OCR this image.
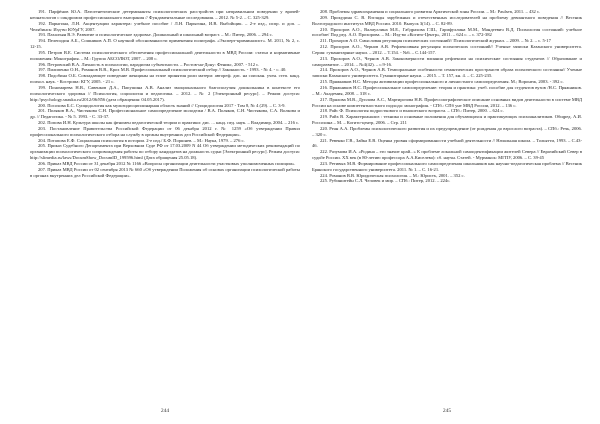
191. Парфёнов Ю.А. Патогенетические детерминанты психологических расстройств при неправильном поведении у врачей-неонатологов с синдромом профессионального выгорания // Фундаментальные исследования. – 2012. № 5-2. – С. 325-329.
192. Парыгина, Л.Н. Акцентуации характера: учебное пособие / Л.Н. Парыгина, И.В. Выбойщик. – 2-е изд., испр. и доп. – Челябинск: Изд-во ЮУрГУ, 2007.
193. Пахалъян В.Э. Развитие и психологическое здоровье. Дошкольный и школьный возраст. – М.: Питер, 2006. – 294 с.
194. Пелеподин А.Б., Сошников А.П. О научной обоснованности применения полиграфа. «Эксперт-криминалист». М. 2011, № 2, с. 12-15.
195. Петров В.Е. Система психологического обеспечения профессиональной деятельности в МВД России: статьи и нормативные положения: Монография. – М.: Группа АБСОЛЮТ, 2007. – 208 с.
196. Петровский В.А. Личность в психологии, парадигма субъектности. – Ростов-на-Дону: Феникс, 2007. - 512 с.
197. Пилипенко О.Н., Романов В.В., Крох М.В. Профессиональный психологический отбор // Законность. - 1993. - № 4. - с. 40.
198. Подобина О.Б. Совладающее поведение женщины на этапе принятия роли матери: автореф. дис. на соискан. учен. степ. канд. психол. наук. - Кострома: КГУ, 2005. - 21 с.
199. Пономарева Н.В., Савенков Д.А., Папушина А.В. Анализ эмоционального благополучия дошкольника в контексте его психологического здоровья // Психология, социология и педагогика. – 2012. – № 2 [Электронный ресурс]. – Режим доступа: http://psychology.snauka.ru/2012/06/856 (дата обращения: 04.05.2017).
200. Посохова Б.С. Суицидология как мультидисциплинарная область знаний // Суицидология 2017 - Том 8, № 4 (29). – С. 3-9.
201. Поляков В.А., Чистякова С.Н. Профессиональное самоопределение молодежи / В.А. Поляков, С.Н. Чистякова, С.А. Волкова и др. // Педагогика. - № 5. 1993. - С. 33-37.
202. Попова И.Н. Культура школы как феномен педагогической теории и практики: дис. ... канд. пед. наук. – Владимир, 2004. – 216 с.
203. Постановление Правительства Российской Федерации от 06 декабря 2012 г. № 1259 «Об утверждении Правил профессионального психологического отбора на службу в органы внутренних дел Российской Федерации».
204. Потапова Е.Ф. Социальная психология в истории. 2-е изд./ Б.Ф. Поршнев. – М.: Наука, 1979. – 276 с.
205. Приказ Судебного Департамента при Верховном Суде РФ от 17.03.2009 N 44 Об утверждении методических рекомендаций по организации психологического сопровождения работы по отбору кандидатов на должность судьи [Электронный ресурс]. Режим доступа: http://slimedia.ru/laws/DocumShow_DocumID_199596.html (Дата обращения 25.05.18).
206. Приказ МВД России от 31 декабря 2012 № 1166 «Вопросы организации деятельности участковых уполномоченных полиции».
207. Приказ МВД России от 02 сентября 2013 № 660 «Об утверждении Положения об основах организации психологической работы в органах внутренних дел Российской Федерации».
244
208. Проблемы здравоохранения и социального развития Арктической зоны России. – М.: Paulsen, 2011. – 432 с.
209. Прокудина С. В. Взгляды зарубежных и отечественных исследователей на проблему девиантного поведения // Вестник Волгоградского института МВД России. 2010. Выпуск 3(14). – С. 82-89.
210. Прохоров А.О., Валиуллина М.Е., Габдрахова Г.Ш., Гарифуллина М.М., Мандеевич В.Д. Психология состояний: учебное пособие/ Под ред. А.О. Прохорова. – М.: Изд-во «Когито-Центр», 2011. – 624 с. – с. 372-382
211. Прохоров А.О. Смысловая регуляция психических состояний// Психологический журнал. – 2009. – № 2. – с. 5-17
212. Прохоров А.О., Чернов А.В. Рефлексивная регуляция психических состояний// Ученые записки Казанского университета. Серия: гуманитарные науки. – 2012. – Т.154. - №6. – С.144-157.
213. Прохоров А.О., Чернов А.В. Закономерности влияния рефлексии на психические состояния студентов // Образование и саморазвитие. – 2014. – №4(42). – с.9-16.
214. Прохоров А.О., Чернов А.В. Темпоральные особенности семантических пространств образа психического состояния// Ученые записки Казанского университета. Гуманитарные науки. – 2015. – Т. 157, кн. 4. – С. 225-235.
215. Пряжников Н.С. Методы активизации профессионального и личностного самоопределения. М.; Воронеж, 2003. - 392 с.
216. Пряжников Н.С. Профессиональное самоопределение: теория и практика: учеб. пособие для студентов вузов /Н.С. Пряжников. – М.: Академия, 2008. – 318 с.
217. Прялова М.В., Дуплова А.С., Мартирозова Н.В. Профессиографическое описание основных видов деятельности в системе МВД России на основе компетентностного подхода: монография. - СПб.: СПб унт МВД России, 2012. – 136 с.
218. Райс Ф. Психология подросткового и юношеского возраста. – СПб.: Питер, 2000. – 624 с.
219. Райх В. Характероанализ : техника и основные положения для обучающихся и практикующих психоаналитиков. Общред. А.И. Россохина – М. – Когито-центр, 2006. – Стр. 211
220. Реан А.А. Проблемы психологического развития и их предупреждение (от рождения до взрослого возраста). – СПб.: Речь, 2006. – 320 с.
221. Ревенко Г.В., Зайка Е.В. Оценка уровня сформированности учебной деятельности // Начальная школа. – Тольятти, 1993. – С.43-46.
222. Разумова И.А. «Родина – это значит край...» К проблеме локальной самоидентификации жителей Севера // Евразийский Север в судьбе России. XX век (в 80-летию профессора А.А.Киселева): сб. научн. Статей. - Мурманск: МГПУ, 2006. – С. 39-45
223. Ретивых М.В. Формирование профессионального самоопределения школьников как научно-педагогическая проблема // Вестник Брянского государственного университета. 2011. № 1. – С. 16-21.
224. Романов В.В. Юридическая психология. – М.: Юристъ, 2001. – 352 с.
225. Рубинштейн С.Л. Человек и мир. – СПб.: Питер, 2012. – 224с.
245
